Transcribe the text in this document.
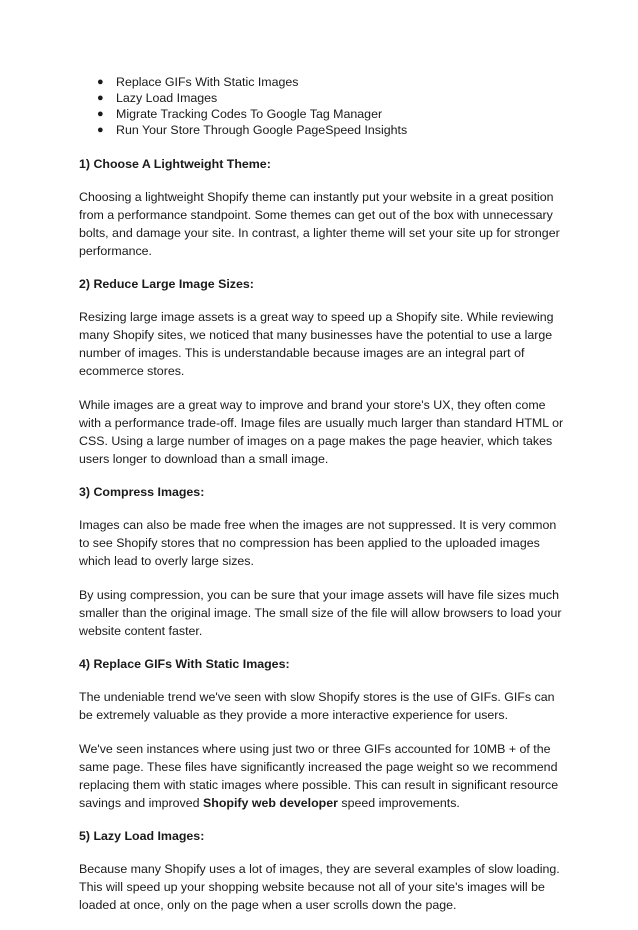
● Replace GIFs With Static Images
● Lazy Load Images
● Migrate Tracking Codes To Google Tag Manager
● Run Your Store Through Google PageSpeed Insights
1) Choose A Lightweight Theme:

Choosing a lightweight Shopify theme can instantly put your website in a great position from a performance standpoint. Some themes can get out of the box with unnecessary bolts, and damage your site. In contrast, a lighter theme will set your site up for stronger performance.

2) Reduce Large Image Sizes:

Resizing large image assets is a great way to speed up a Shopify site. While reviewing many Shopify sites, we noticed that many businesses have the potential to use a large number of images. This is understandable because images are an integral part of ecommerce stores.

While images are a great way to improve and brand your store's UX, they often come with a performance trade-off. Image files are usually much larger than standard HTML or CSS. Using a large number of images on a page makes the page heavier, which takes users longer to download than a small image.

3) Compress Images:

Images can also be made free when the images are not suppressed. It is very common to see Shopify stores that no compression has been applied to the uploaded images which lead to overly large sizes.

By using compression, you can be sure that your image assets will have file sizes much smaller than the original image. The small size of the file will allow browsers to load your website content faster.

4) Replace GIFs With Static Images:

The undeniable trend we've seen with slow Shopify stores is the use of GIFs. GIFs can be extremely valuable as they provide a more interactive experience for users.

We've seen instances where using just two or three GIFs accounted for 10MB + of the same page. These files have significantly increased the page weight so we recommend replacing them with static images where possible. This can result in significant resource savings and improved Shopify web developer speed improvements.

5) Lazy Load Images:

Because many Shopify uses a lot of images, they are several examples of slow loading. This will speed up your shopping website because not all of your site's images will be loaded at once, only on the page when a user scrolls down the page.
